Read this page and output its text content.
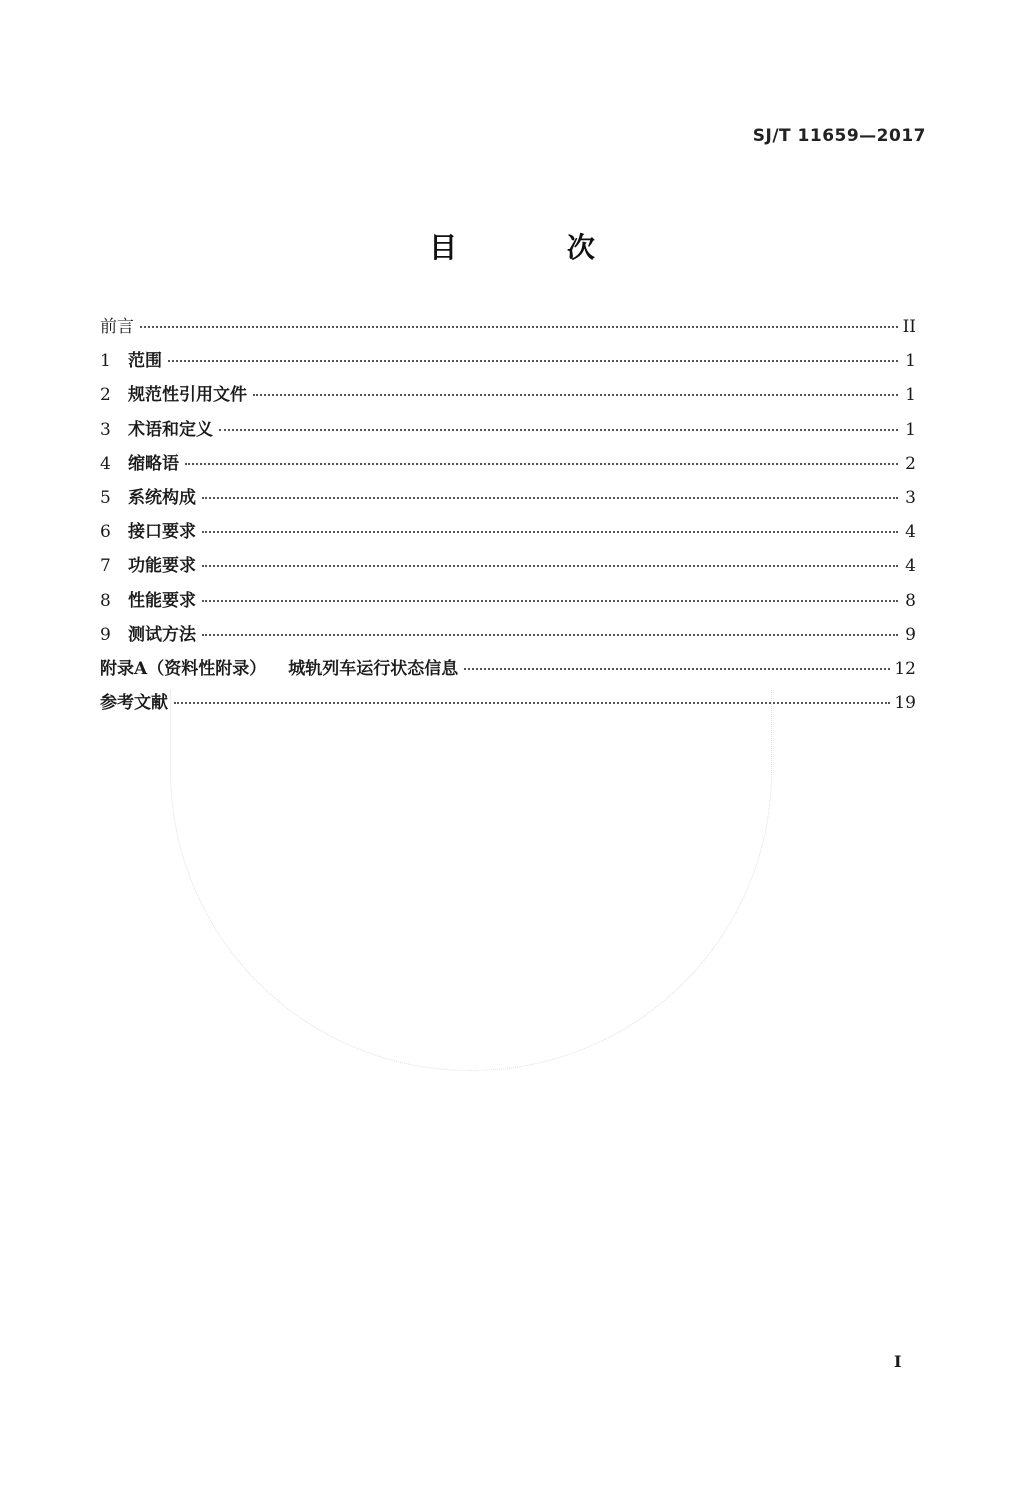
SJ/T 11659—2017
目 次
前言	II
1	范围	1
2	规范性引用文件	1
3	术语和定义	1
4	缩略语	2
5	系统构成	3
6	接口要求	4
7	功能要求	4
8	性能要求	8
9	测试方法	9
附录A（资料性附录） 城轨列车运行状态信息	12
参考文献	19
I
